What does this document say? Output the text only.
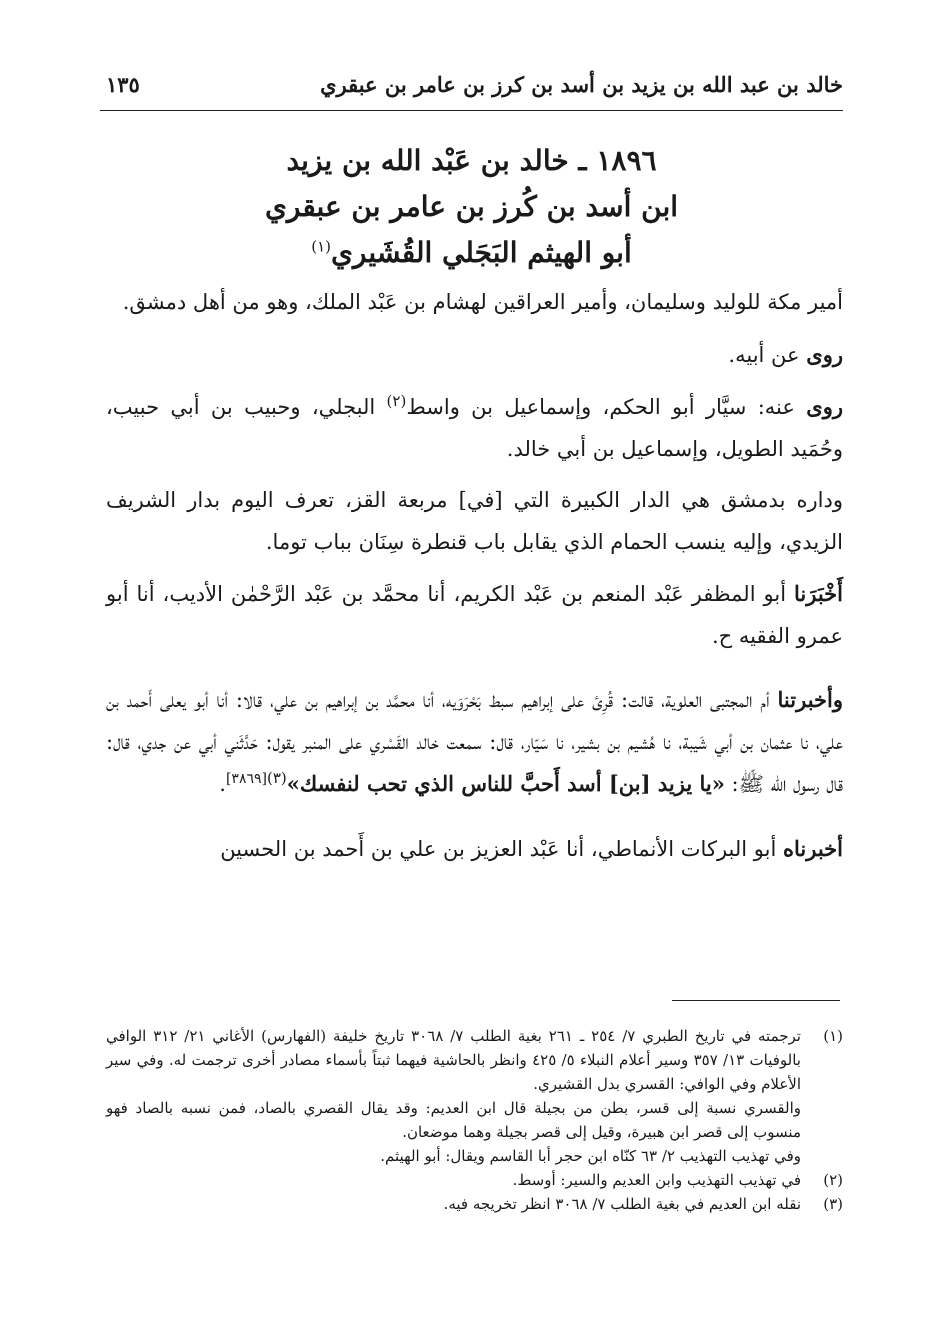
خالد بن عبد الله بن يزيد بن أسد بن كرز بن عامر بن عبقري
١٣٥
١٨٩٦ ـ خالد بن عَبْد الله بن يزيد
ابن أسد بن كُرز بن عامر بن عبقري
أبو الهيثم البَجَلي القُشَيري$^{(١)}$

أمير مكة للوليد وسليمان، وأمير العراقين لهشام بن عَبْد الملك، وهو من أهل دمشق.

روى عن أبيه.

روى عنه: سيَّار أبو الحكم، وإسماعيل بن واسط$^{(٢)}$ البجلي، وحبيب بن أبي حبيب، وحُمَيد الطويل، وإسماعيل بن أبي خالد.

وداره بدمشق هي الدار الكبيرة التي [في] مربعة القز، تعرف اليوم بدار الشريف الزيدي، وإليه ينسب الحمام الذي يقابل باب قنطرة سِنَان بباب توما.

أَخْبَرَنا أبو المظفر عَبْد المنعم بن عَبْد الكريم، أنا محمَّد بن عَبْد الرَّحْمٰن الأديب، أنا أبو عمرو الفقيه ح.

وأخبرتنا أم المجتبى العلوية، قالت: قُرِئ على إبراهيم سبط بَحْرَوَيه، أنا محمَّد بن إبراهيم بن علي، قالا: أنا أبو يعلى أَحمد بن علي، نا عثمان بن أبي شَيبة، نا هُشيم بن بشير، نا سَيّار، قال: سمعت خالد القَسْري على المنبر يقول: حَدَّثَني أبي عن جدي، قال: قال رسول الله ﷺ: «يا يزيد [بن] أسد أَحبَّ للناس الذي تحب لنفسك»$^{(٣)[٣٨٦٩]}$.

أخبرناه أبو البركات الأنماطي، أنا عَبْد العزيز بن علي بن أَحمد بن الحسين

(١)
ترجمته في تاريخ الطبري ٧/ ٢٥٤ ـ ٢٦١ بغية الطلب ٧/ ٣٠٦٨ تاريخ خليفة (الفهارس) الأغاني ٢١/ ٣١٢ الوافي بالوفيات ١٣/ ٣٥٧ وسير أعلام النبلاء ٥/ ٤٢٥ وانظر بالحاشية فيهما ثبتاً بأسماء مصادر أخرى ترجمت له. وفي سير الأعلام وفي الوافي: القسري بدل القشيري.

والقسري نسبة إلى قسر، بطن من بجيلة قال ابن العديم: وقد يقال القصري بالصاد، فمن نسبه بالصاد فهو منسوب إلى قصر ابن هبيرة، وقيل إلى قصر بجيلة وهما موضعان.

وفي تهذيب التهذيب ٢/ ٦٣ كنّاه ابن حجر أبا القاسم ويقال: أبو الهيثم.

(٢)
في تهذيب التهذيب وابن العديم والسير: أوسط.

(٣)
نقله ابن العديم في بغية الطلب ٧/ ٣٠٦٨ انظر تخريجه فيه.
